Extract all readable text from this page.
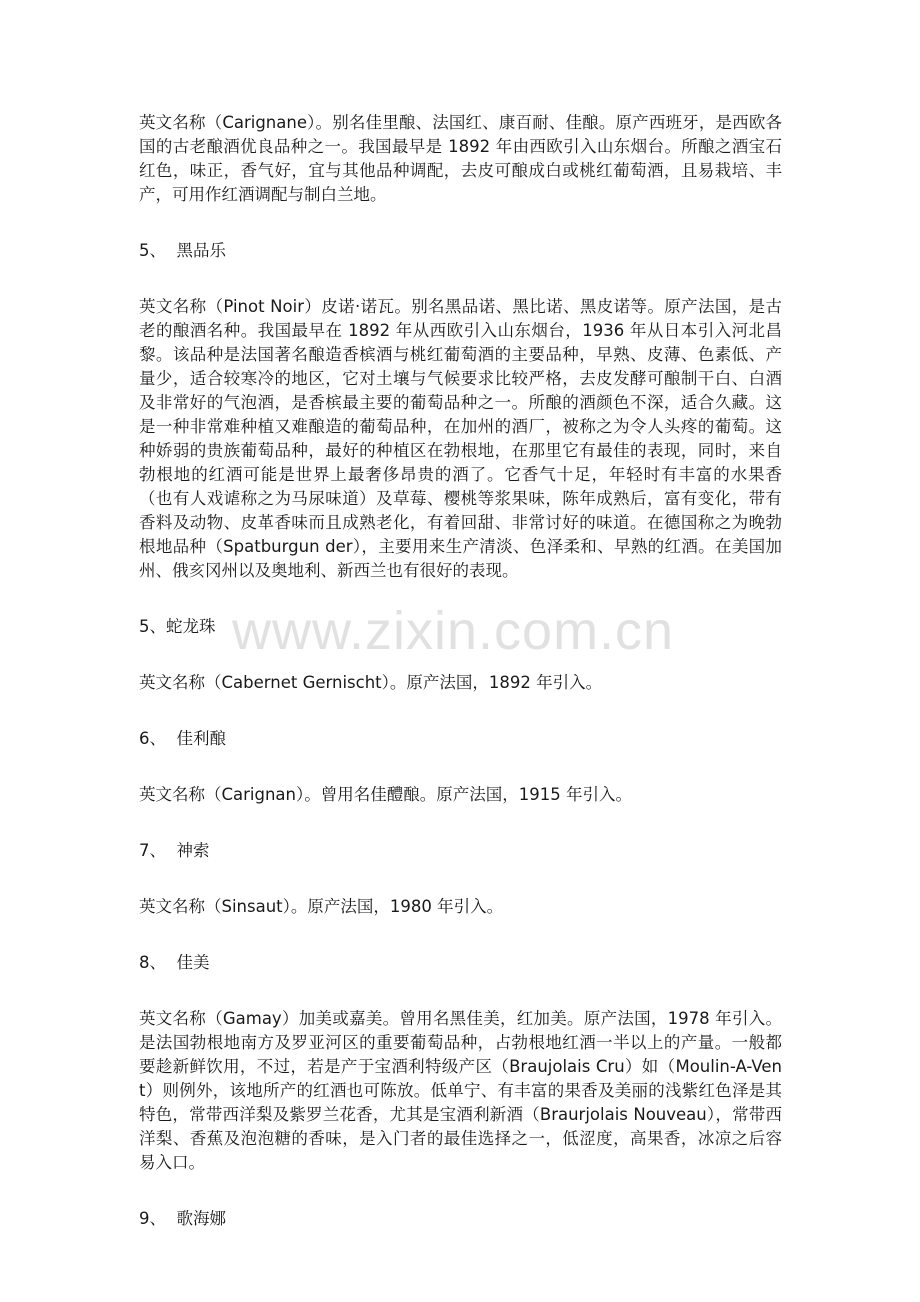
英文名称（Carignane）。别名佳里酿、法国红、康百耐、佳酿。原产西班牙，是西欧各国的古老酿酒优良品种之一。我国最早是 1892 年由西欧引入山东烟台。所酿之酒宝石红色，味正，香气好，宜与其他品种调配，去皮可酿成白或桃红葡萄酒，且易栽培、丰产，可用作红酒调配与制白兰地。

5、  黑品乐

英文名称（Pinot Noir）皮诺·诺瓦。别名黑品诺、黑比诺、黑皮诺等。原产法国，是古老的酿酒名种。我国最早在 1892 年从西欧引入山东烟台，1936 年从日本引入河北昌黎。该品种是法国著名酿造香槟酒与桃红葡萄酒的主要品种，早熟、皮薄、色素低、产量少，适合较寒冷的地区，它对土壤与气候要求比较严格，去皮发酵可酿制干白、白酒及非常好的气泡酒，是香槟最主要的葡萄品种之一。所酿的酒颜色不深，适合久藏。这是一种非常难种植又难酿造的葡萄品种，在加州的酒厂，被称之为令人头疼的葡萄。这种娇弱的贵族葡萄品种，最好的种植区在勃根地，在那里它有最佳的表现，同时，来自勃根地的红酒可能是世界上最奢侈昂贵的酒了。它香气十足，年轻时有丰富的水果香（也有人戏谑称之为马尿味道）及草莓、樱桃等浆果味，陈年成熟后，富有变化，带有香料及动物、皮革香味而且成熟老化，有着回甜、非常讨好的味道。在德国称之为晚勃根地品种（Spatburgun der），主要用来生产清淡、色泽柔和、早熟的红酒。在美国加州、俄亥冈州以及奥地利、新西兰也有很好的表现。

5、蛇龙珠

英文名称（Cabernet Gernischt）。原产法国，1892 年引入。

6、  佳利酿

英文名称（Carignan）。曾用名佳醴酿。原产法国，1915 年引入。

7、  神索

英文名称（Sinsaut）。原产法国，1980 年引入。

8、  佳美

英文名称（Gamay）加美或嘉美。曾用名黑佳美，红加美。原产法国，1978 年引入。是法国勃根地南方及罗亚河区的重要葡萄品种，占勃根地红酒一半以上的产量。一般都要趁新鲜饮用，不过，若是产于宝酒利特级产区（Braujolais Cru）如（Moulin-A-Vent）则例外，该地所产的红酒也可陈放。低单宁、有丰富的果香及美丽的浅紫红色泽是其特色，常带西洋梨及紫罗兰花香，尤其是宝酒利新酒（Braurjolais Nouveau），常带西洋梨、香蕉及泡泡糖的香味，是入门者的最佳选择之一，低涩度，高果香，冰凉之后容易入口。

9、  歌海娜
www.zixin.com.cn
